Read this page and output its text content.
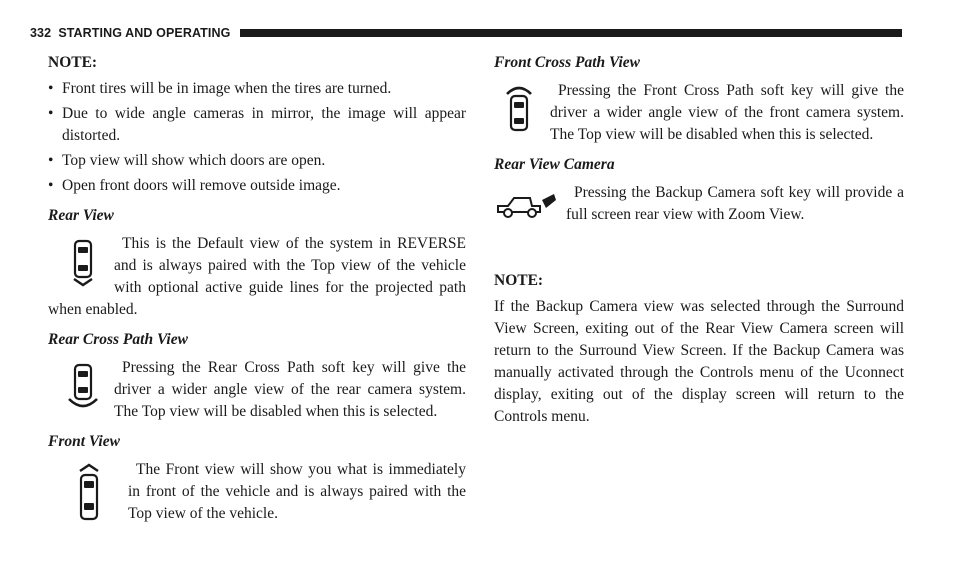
332 STARTING AND OPERATING

NOTE:

• Front tires will be in image when the tires are turned.
• Due to wide angle cameras in mirror, the image will appear distorted.
• Top view will show which doors are open.
• Open front doors will remove outside image.

Rear View

This is the Default view of the system in REVERSE and is always paired with the Top view of the vehicle with optional active guide lines for the projected path when enabled.

Rear Cross Path View

Pressing the Rear Cross Path soft key will give the driver a wider angle view of the rear camera system. The Top view will be disabled when this is selected.

Front View

The Front view will show you what is immediately in front of the vehicle and is always paired with the Top view of the vehicle.

Front Cross Path View

Pressing the Front Cross Path soft key will give the driver a wider angle view of the front camera system. The Top view will be disabled when this is selected.

Rear View Camera

Pressing the Backup Camera soft key will provide a full screen rear view with Zoom View.

NOTE:

If the Backup Camera view was selected through the Surround View Screen, exiting out of the Rear View Camera screen will return to the Surround View Screen. If the Backup Camera was manually activated through the Controls menu of the Uconnect display, exiting out of the display screen will return to the Controls menu.
